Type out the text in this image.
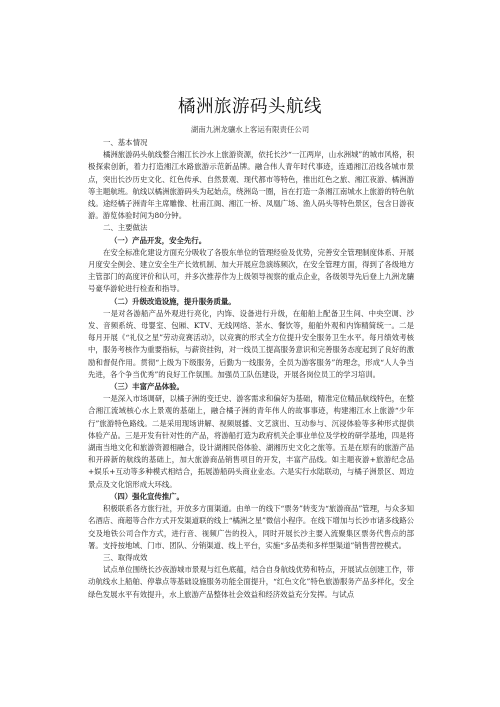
橘洲旅游码头航线
湖南九洲龙骧水上客运有限责任公司
一、基本情况
橘洲旅游码头航线整合湘江长沙水上旅游资源，依托长沙“一江两岸，山水洲城”的城市风格，积极探索创新，着力打造湘江水路旅游示范新品牌。融合伟人青年时代事迹，连通湘江沿线各城市景点，突出长沙历史文化、红色传承、自然景观、现代都市等特色，推出红色之旅、湘江夜游、橘洲游等主题航班。航线以橘洲旅游码头为起始点，绕洲岛一圈，旨在打造一条湘江南城水上旅游的特色航线。途经橘子洲青年主席雕像、杜甫江阁、湘江一桥、凤凰广场、渔人码头等特色景区，包含日游夜游。游览体验时间为80分钟。
二、主要做法
（一）产品开发，安全先行。
在安全标准化建设方面充分吸收了各股东单位的管理经验及优势，完善安全管理制度体系、开展月度安全例会、建立安全生产长效机制、加大开展应急演练频次，在安全管理方面，得到了各级地方主管部门的高度评价和认可，并多次推荐作为上级领导视察的重点企业，各级领导先后登上九洲龙骧号豪华游轮进行检查和指导。
（二）升级改造设施，提升服务质量。
一是对各游船产品外观进行亮化，内饰、设备进行升级，在船舶上配备卫生间、中央空调、沙发、音频系统、母婴室、包厢、KTV、无线网络、茶水、餐饮等，船舶外观和内饰精简统一。二是每月开展《“礼仪之星”劳动竞赛活动》，以竞赛的形式全方位提升安全服务卫生水平。每月绩效考核中，服务考核作为重要指标，与薪资挂钩，对一线员工提高服务意识和完善服务态度起到了良好的激励和督促作用。贯彻“上级为下级服务，后勤为一线服务，全员为游客服务”的理念，形成“人人争当先进，各个争当优秀”的良好工作氛围。加强员工队伍建设，开展各岗位员工的学习培训。
（三）丰富产品体验。
一是深入市场调研，以橘子洲的变迁史、游客需求和偏好为基础，精准定位精品航线特色，在整合湘江流域核心水上景观的基础上，融合橘子洲的青年伟人的故事事迹，构建湘江水上旅游“少年行”旅游特色路线。二是采用现场讲解、视频展播、文艺演出、互动参与、沉浸体验等多种形式提供体验产品。三是开发有针对性的产品，将游船打造为政府机关企事业单位及学校的研学基地，四是将湖南当地文化和旅游资源相融合，设计湖湘民俗体验、湖湘历史文化之旅等。五是在原有的旅游产品和开辟新的航线的基础上，加大旅游商品销售项目的开发，丰富产品线。如主题夜游+旅游纪念品+娱乐+互动等多种模式相结合，拓展游船码头商业业态。六是实行水陆联动，与橘子洲景区、周边景点及文化馆形成大环线。
（四）强化宣传推广。
积极联系各方旅行社，开放多方面渠道。由单一的线下“票务”转变为“旅游商品”管理，与众多知名酒店、商超等合作方式开发渠道联的线上“橘洲之星”微信小程序。在线下增加与长沙市诸多线路公交及地铁公司合作方式，进行音、视频广告的投入，同时开展长沙主要入流聚集区票务代售点的部署。支持按地域、门市、团队、分销渠道、线上平台，实施“多品类和多样型渠道”销售营控模式。
三、取得成效
试点单位围绕长沙夜游城市景观与红色底蕴，结合自身航线优势和特点，开展试点创建工作，带动航线水上船舶、停靠点等基础设施服务功能全面提升，“红色文化”特色旅游服务产品多样化，安全绿色发展水平有效提升，水上旅游产品整体社会效益和经济效益充分发挥。与试点
